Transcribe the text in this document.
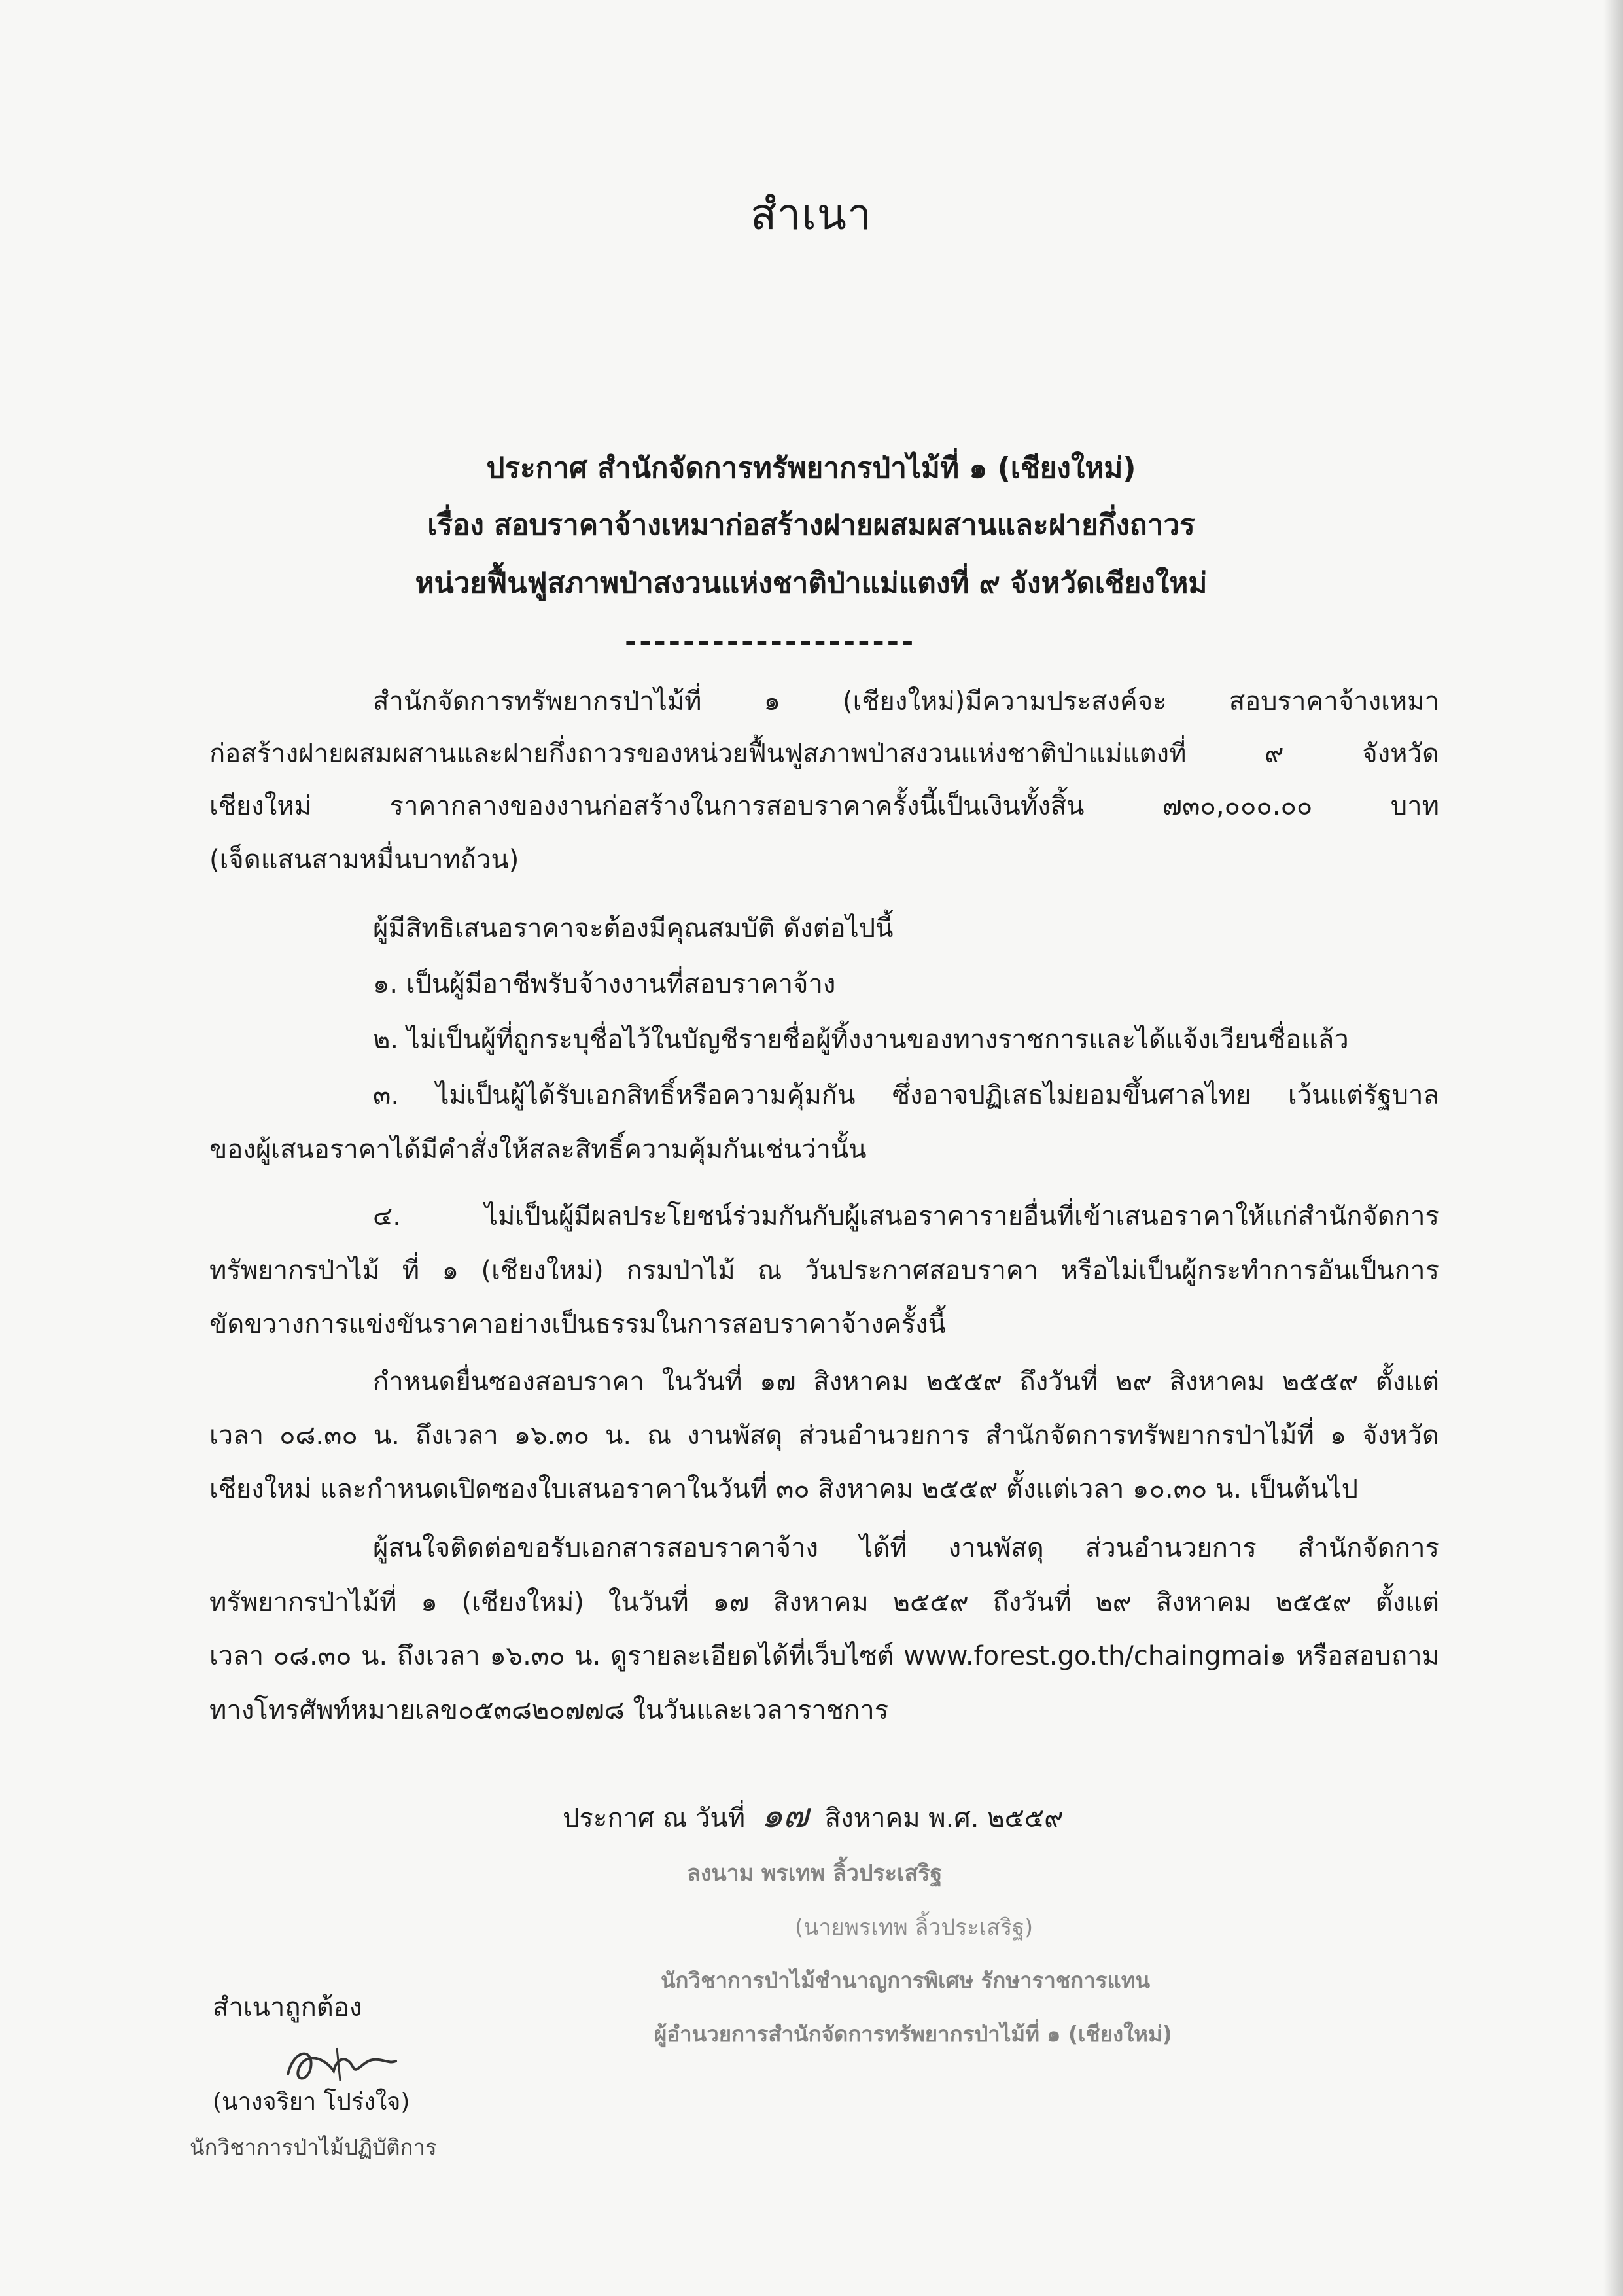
สำเนา
ประกาศ สำนักจัดการทรัพยากรป่าไม้ที่ ๑ (เชียงใหม่)
เรื่อง สอบราคาจ้างเหมาก่อสร้างฝายผสมผสานและฝายกึ่งถาวร
หน่วยฟื้นฟูสภาพป่าสงวนแห่งชาติป่าแม่แตงที่ ๙ จังหวัดเชียงใหม่
--------------------
สำนักจัดการทรัพยากรป่าไม้ที่ ๑ (เชียงใหม่)มีความประสงค์จะ สอบราคาจ้างเหมา
ก่อสร้างฝายผสมผสานและฝายกึ่งถาวรของหน่วยฟื้นฟูสภาพป่าสงวนแห่งชาติป่าแม่แตงที่ ๙ จังหวัด
เชียงใหม่ ราคากลางของงานก่อสร้างในการสอบราคาครั้งนี้เป็นเงินทั้งสิ้น ๗๓๐,๐๐๐.๐๐ บาท
(เจ็ดแสนสามหมื่นบาทถ้วน)
ผู้มีสิทธิเสนอราคาจะต้องมีคุณสมบัติ ดังต่อไปนี้
๑. เป็นผู้มีอาชีพรับจ้างงานที่สอบราคาจ้าง
๒. ไม่เป็นผู้ที่ถูกระบุชื่อไว้ในบัญชีรายชื่อผู้ทิ้งงานของทางราชการและได้แจ้งเวียนชื่อแล้ว
๓. ไม่เป็นผู้ได้รับเอกสิทธิ์หรือความคุ้มกัน ซึ่งอาจปฏิเสธไม่ยอมขึ้นศาลไทย เว้นแต่รัฐบาล
ของผู้เสนอราคาได้มีคำสั่งให้สละสิทธิ์ความคุ้มกันเช่นว่านั้น
๔. ไม่เป็นผู้มีผลประโยชน์ร่วมกันกับผู้เสนอราคารายอื่นที่เข้าเสนอราคาให้แก่สำนักจัดการ
ทรัพยากรป่าไม้ ที่ ๑ (เชียงใหม่) กรมป่าไม้ ณ วันประกาศสอบราคา หรือไม่เป็นผู้กระทำการอันเป็นการ
ขัดขวางการแข่งขันราคาอย่างเป็นธรรมในการสอบราคาจ้างครั้งนี้
กำหนดยื่นซองสอบราคา ในวันที่ ๑๗ สิงหาคม ๒๕๕๙ ถึงวันที่ ๒๙ สิงหาคม ๒๕๕๙ ตั้งแต่
เวลา ๐๘.๓๐ น. ถึงเวลา ๑๖.๓๐ น. ณ งานพัสดุ ส่วนอำนวยการ สำนักจัดการทรัพยากรป่าไม้ที่ ๑ จังหวัด
เชียงใหม่ และกำหนดเปิดซองใบเสนอราคาในวันที่ ๓๐ สิงหาคม ๒๕๕๙ ตั้งแต่เวลา ๑๐.๓๐ น. เป็นต้นไป
ผู้สนใจติดต่อขอรับเอกสารสอบราคาจ้าง ได้ที่ งานพัสดุ ส่วนอำนวยการ สำนักจัดการ
ทรัพยากรป่าไม้ที่ ๑ (เชียงใหม่) ในวันที่ ๑๗ สิงหาคม ๒๕๕๙ ถึงวันที่ ๒๙ สิงหาคม ๒๕๕๙ ตั้งแต่
เวลา ๐๘.๓๐ น. ถึงเวลา ๑๖.๓๐ น. ดูรายละเอียดได้ที่เว็บไซต์ www.forest.go.th/chaingmai๑ หรือสอบถาม
ทางโทรศัพท์หมายเลข๐๕๓๘๒๐๗๗๘ ในวันและเวลาราชการ
ประกาศ ณ วันที่ ๑๗ สิงหาคม พ.ศ. ๒๕๕๙
ลงนาม พรเทพ ลิ้วประเสริฐ
(นายพรเทพ ลิ้วประเสริฐ)
นักวิชาการป่าไม้ชำนาญการพิเศษ รักษาราชการแทน
ผู้อำนวยการสำนักจัดการทรัพยากรป่าไม้ที่ ๑ (เชียงใหม่)
สำเนาถูกต้อง
(นางจริยา โปร่งใจ)
นักวิชาการป่าไม้ปฏิบัติการ
